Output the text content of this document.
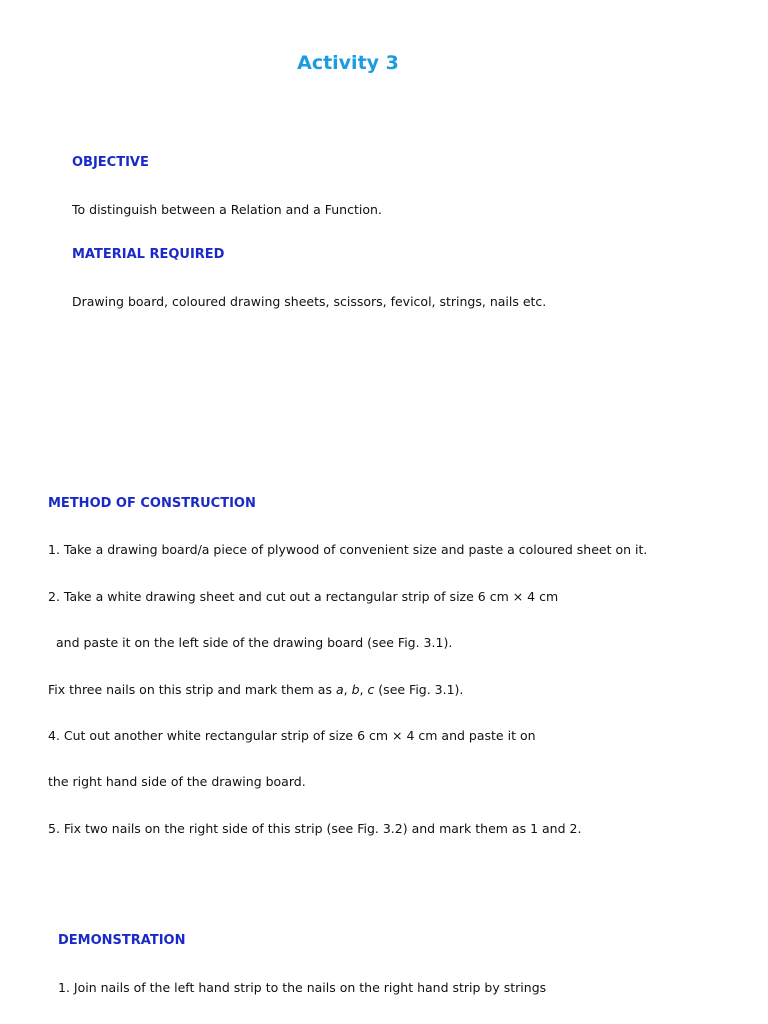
Activity 3
OBJECTIVE
To distinguish between a Relation and a Function.
MATERIAL REQUIRED
Drawing board, coloured drawing sheets, scissors, fevicol, strings, nails etc.
METHOD OF CONSTRUCTION
1. Take a drawing board/a piece of plywood of convenient size and paste a coloured sheet on it.
2. Take a white drawing sheet and cut out a rectangular strip of size 6 cm × 4 cm
and paste it on the left side of the drawing board (see Fig. 3.1).
Fix three nails on this strip and mark them as a, b, c (see Fig. 3.1).
4. Cut out another white rectangular strip of size 6 cm × 4 cm and paste it on
the right hand side of the drawing board.
5. Fix two nails on the right side of this strip (see Fig. 3.2) and mark them as 1 and 2.
DEMONSTRATION
1. Join nails of the left hand strip to the nails on the right hand strip by strings
